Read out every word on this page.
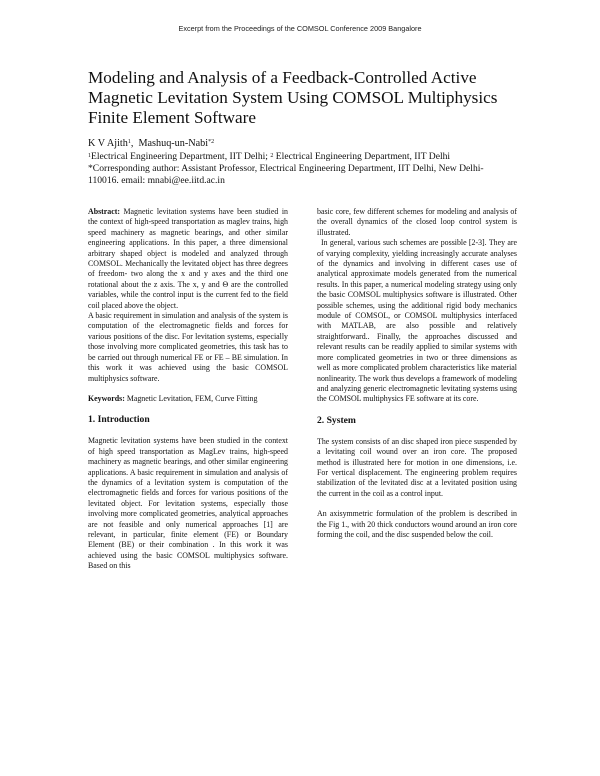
Excerpt from the Proceedings of the COMSOL Conference 2009 Bangalore
Modeling and Analysis of a Feedback-Controlled Active Magnetic Levitation System Using COMSOL Multiphysics Finite Element Software
K V Ajith$^1$,  Mashuq-un-Nabi$^{*2}$
$^1$Electrical Engineering Department, IIT Delhi; $^2$ Electrical Engineering Department, IIT Delhi
*Corresponding author: Assistant Professor, Electrical Engineering Department, IIT Delhi, New Delhi-110016. email: mnabi@ee.iitd.ac.in

Abstract: Magnetic levitation systems have been studied in the context of high-speed transportation as maglev trains, high speed machinery as magnetic bearings, and other similar engineering applications. In this paper, a three dimensional arbitrary shaped object is modeled and analyzed through COMSOL. Mechanically the levitated object has three degrees of freedom- two along the x and y axes and the third one rotational about the z axis. The x, y and Θ are the controlled variables, while the control input is the current fed to the field coil placed above the object.

A basic requirement in simulation and analysis of the system is computation of the electromagnetic fields and forces for various positions of the disc. For levitation systems, especially those involving more complicated geometries, this task has to be carried out through numerical FE or FE – BE simulation. In this work it was achieved using the basic COMSOL multiphysics software.

Keywords: Magnetic Levitation, FEM, Curve Fitting

1. Introduction

Magnetic levitation systems have been studied in the context of high speed transportation as MagLev trains, high-speed machinery as magnetic bearings, and other similar engineering applications. A basic requirement in simulation and analysis of the dynamics of a levitation system is computation of the electromagnetic fields and forces for various positions of the levitated object. For levitation systems, especially those involving more complicated geometries, analytical approaches are not feasible and only numerical approaches [1] are relevant, in particular, finite element (FE) or Boundary Element (BE) or their combination . In this work it was achieved using the basic COMSOL multiphysics software. Based on this

basic core, few different schemes for modeling and analysis of the overall dynamics of the closed loop control system is illustrated.

In general, various such schemes are possible [2-3]. They are of varying complexity, yielding increasingly accurate analyses of the dynamics and involving in different cases use of analytical approximate models generated from the numerical results. In this paper, a numerical modeling strategy using only the basic COMSOL multiphysics software is illustrated. Other possible schemes, using the additional rigid body mechanics module of COMSOL, or COMSOL multiphysics interfaced with MATLAB, are also possible and relatively straightforward.. Finally, the approaches discussed and relevant results can be readily applied to similar systems with more complicated geometries in two or three dimensions as well as more complicated problem characteristics like material nonlinearity. The work thus develops a framework of modeling and analyzing generic electromagnetic levitating systems using the COMSOL multiphysics FE software at its core.

2. System

The system consists of an disc shaped iron piece suspended by a levitating coil wound over an iron core. The proposed method is illustrated here for motion in one dimensions, i.e. For vertical displacement. The engineering problem requires stabilization of the levitated disc at a levitated position using the current in the coil as a control input.

An axisymmetric formulation of the problem is described in the Fig 1., with 20 thick conductors wound around an iron core forming the coil, and the disc suspended below the coil.
